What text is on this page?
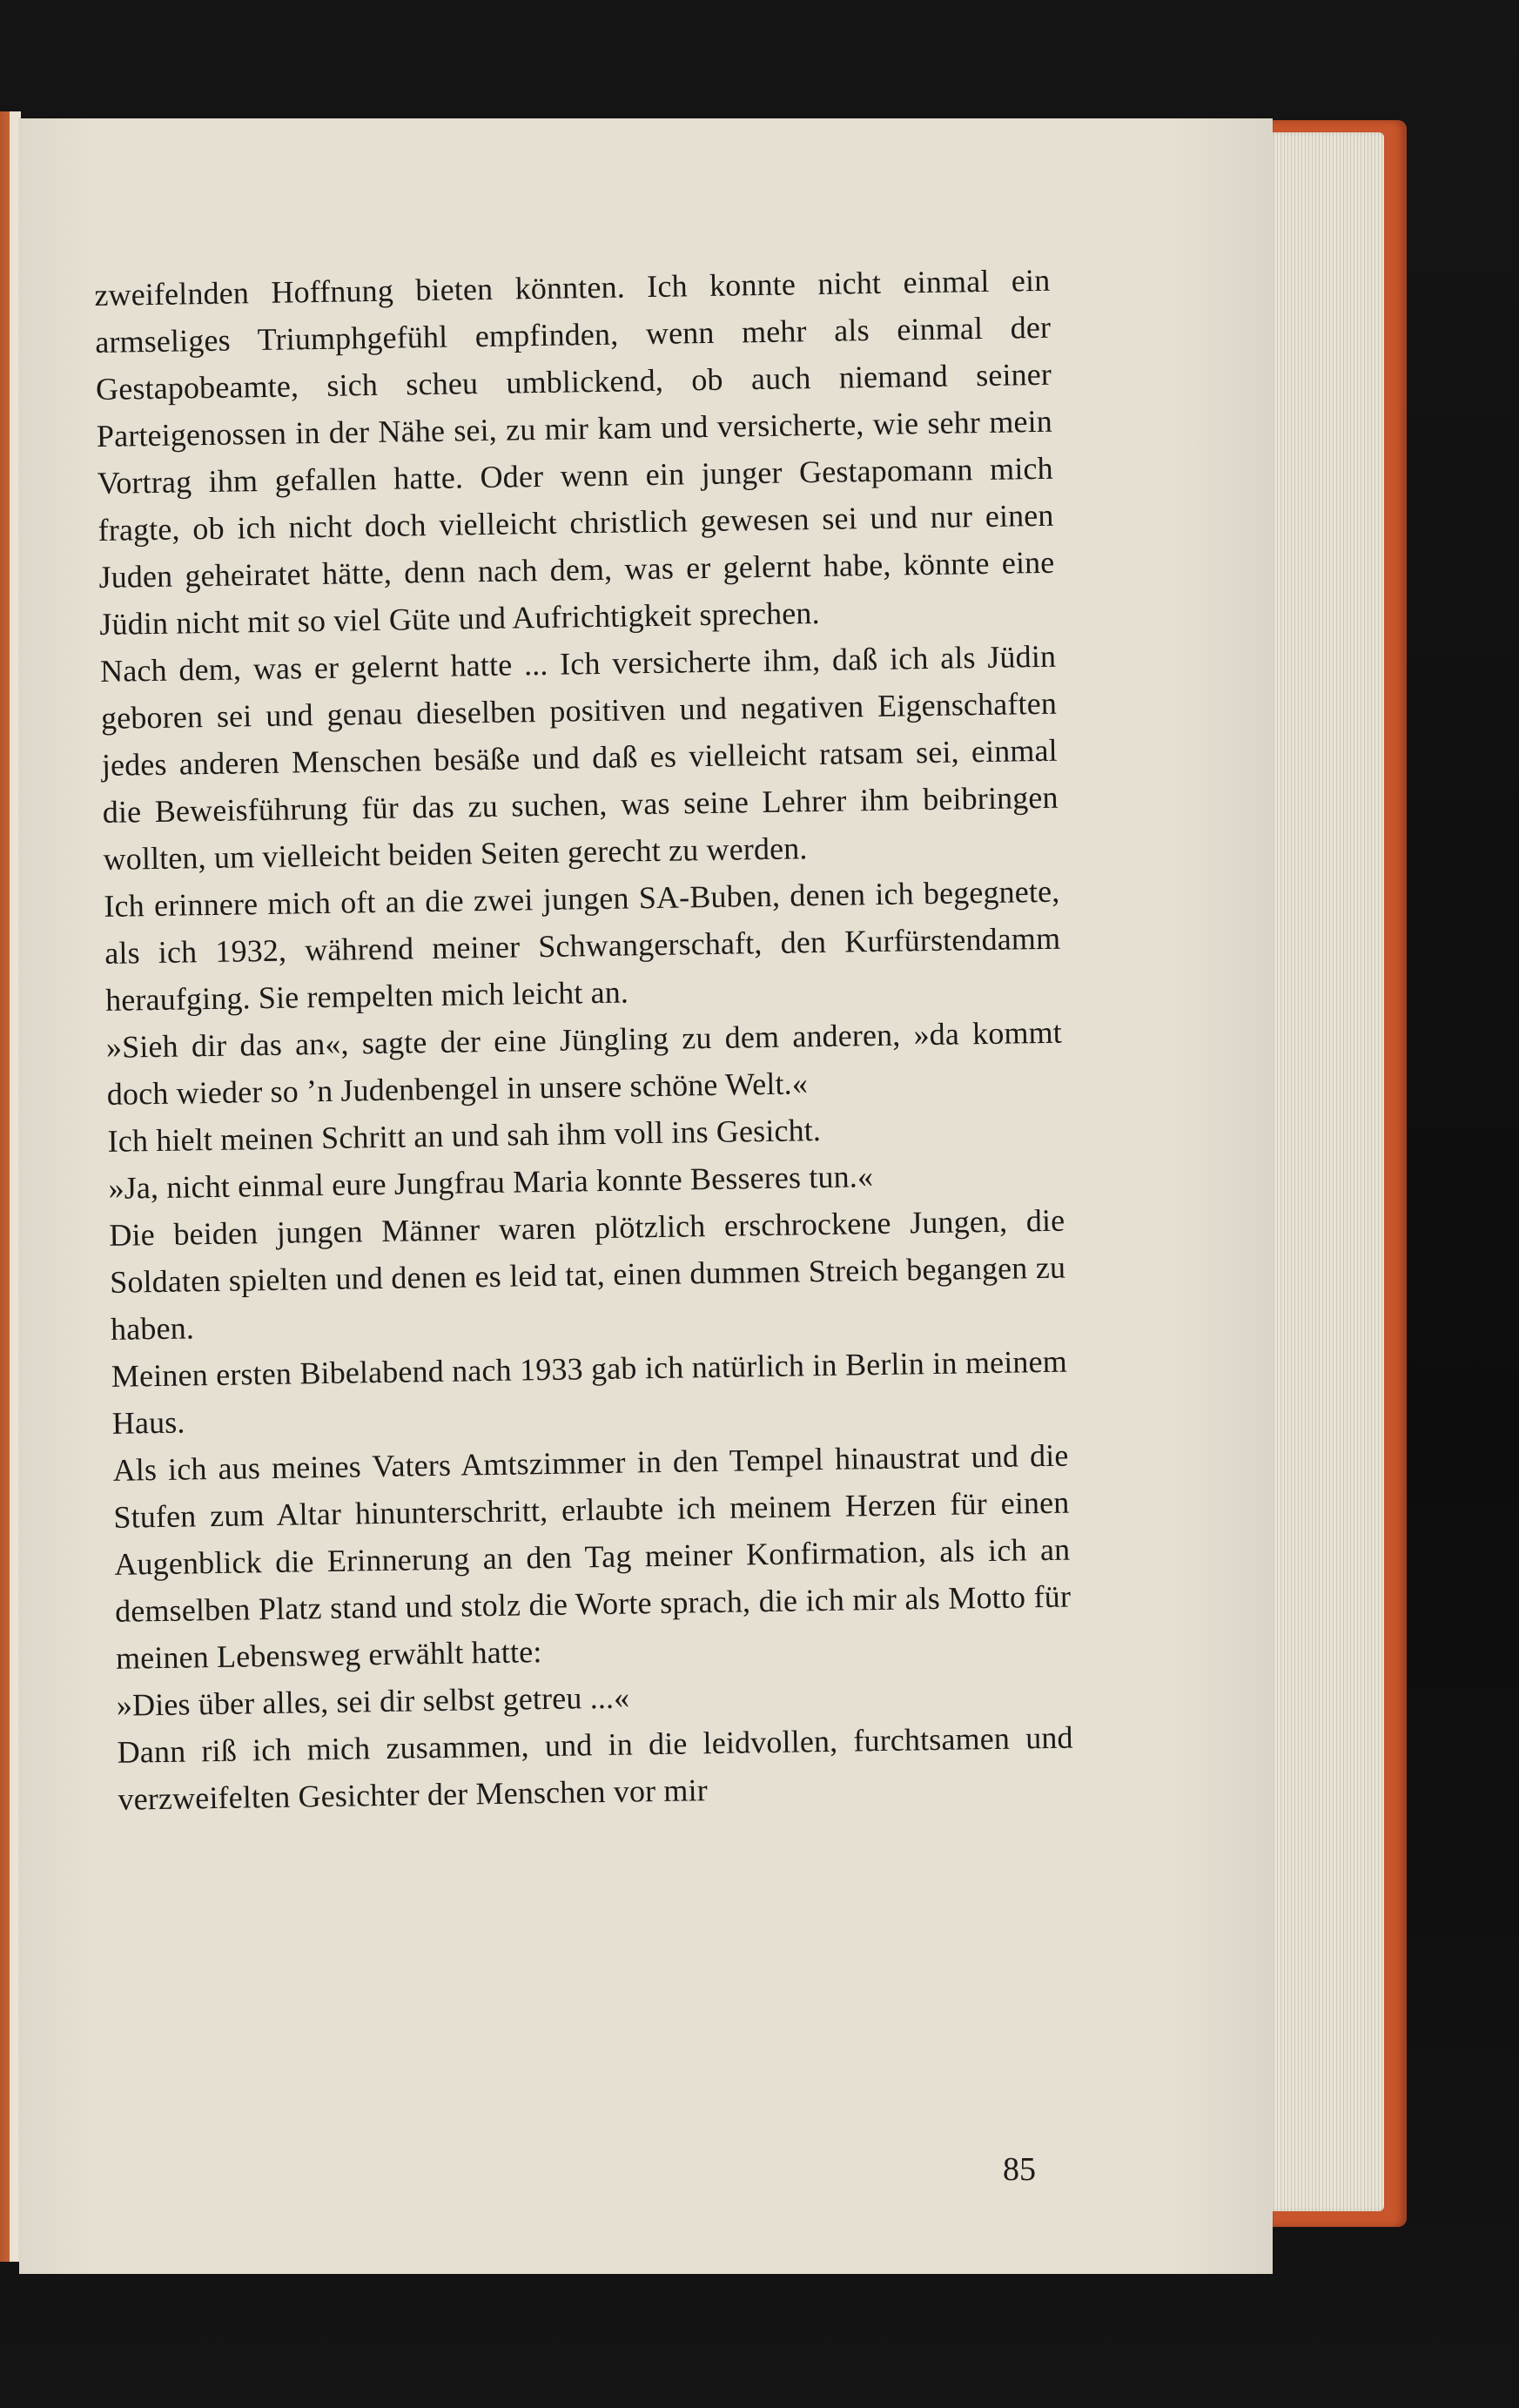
zweifelnden Hoffnung bieten könnten. Ich konnte nicht einmal ein armseliges Triumphgefühl empfinden, wenn mehr als einmal der Gestapobeamte, sich scheu umblickend, ob auch niemand seiner Parteigenossen in der Nähe sei, zu mir kam und versicherte, wie sehr mein Vortrag ihm gefallen hatte. Oder wenn ein junger Gestapomann mich fragte, ob ich nicht doch vielleicht christlich gewesen sei und nur einen Juden geheiratet hätte, denn nach dem, was er gelernt habe, könnte eine Jüdin nicht mit so viel Güte und Aufrichtigkeit sprechen.

Nach dem, was er gelernt hatte ... Ich versicherte ihm, daß ich als Jüdin geboren sei und genau dieselben positiven und negativen Eigenschaften jedes anderen Menschen besäße und daß es vielleicht ratsam sei, einmal die Beweisführung für das zu suchen, was seine Lehrer ihm beibringen wollten, um vielleicht beiden Seiten gerecht zu werden.

Ich erinnere mich oft an die zwei jungen SA-Buben, denen ich begegnete, als ich 1932, während meiner Schwangerschaft, den Kurfürstendamm heraufging. Sie rempelten mich leicht an.

»Sieh dir das an«, sagte der eine Jüngling zu dem anderen, »da kommt doch wieder so ’n Judenbengel in unsere schöne Welt.«

Ich hielt meinen Schritt an und sah ihm voll ins Gesicht.

»Ja, nicht einmal eure Jungfrau Maria konnte Besseres tun.«

Die beiden jungen Männer waren plötzlich erschrockene Jungen, die Soldaten spielten und denen es leid tat, einen dummen Streich begangen zu haben.

Meinen ersten Bibelabend nach 1933 gab ich natürlich in Berlin in meinem Haus.

Als ich aus meines Vaters Amtszimmer in den Tempel hinaustrat und die Stufen zum Altar hinunterschritt, erlaubte ich meinem Herzen für einen Augenblick die Erinnerung an den Tag meiner Konfirmation, als ich an demselben Platz stand und stolz die Worte sprach, die ich mir als Motto für meinen Lebensweg erwählt hatte:

»Dies über alles, sei dir selbst getreu ...«

Dann riß ich mich zusammen, und in die leidvollen, furchtsamen und verzweifelten Gesichter der Menschen vor mir

85
